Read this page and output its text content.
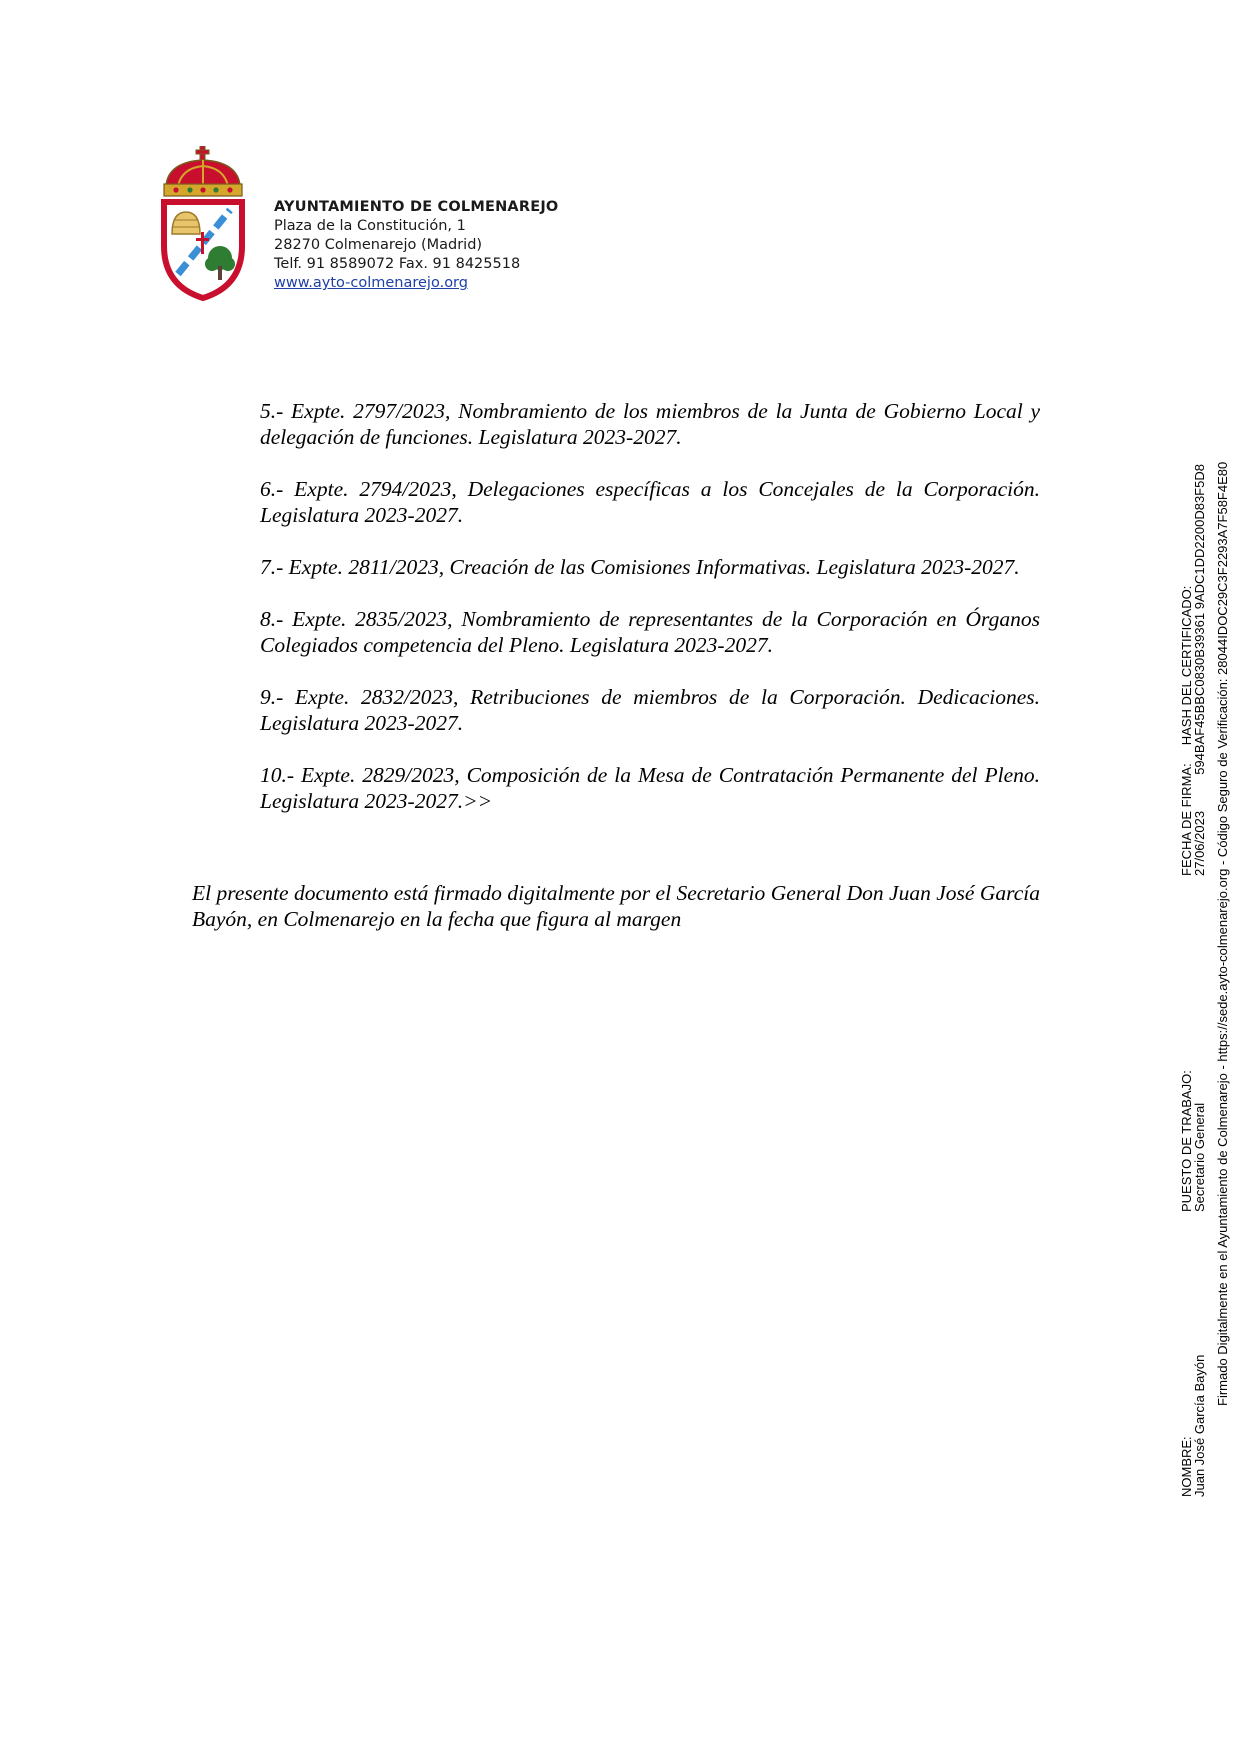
AYUNTAMIENTO DE COLMENAREJO
Plaza de la Constitución, 1
28270 Colmenarejo (Madrid)
Telf. 91 8589072 Fax. 91 8425518
www.ayto-colmenarejo.org
5.- Expte. 2797/2023, Nombramiento de los miembros de la Junta de Gobierno Local y delegación de funciones. Legislatura 2023-2027.
6.- Expte. 2794/2023, Delegaciones específicas a los Concejales de la Corporación. Legislatura 2023-2027.
7.- Expte. 2811/2023, Creación de las Comisiones Informativas. Legislatura 2023-2027.
8.- Expte. 2835/2023, Nombramiento de representantes de la Corporación en Órganos Colegiados competencia del Pleno. Legislatura 2023-2027.
9.- Expte. 2832/2023, Retribuciones de miembros de la Corporación. Dedicaciones. Legislatura 2023-2027.
10.- Expte. 2829/2023, Composición de la Mesa de Contratación Permanente del Pleno. Legislatura 2023-2027.>>

El presente documento está firmado digitalmente por el Secretario General Don Juan José García Bayón, en Colmenarejo en la fecha que figura al margen

NOMBRE:
Juan José García Bayón
PUESTO DE TRABAJO:
Secretario General
FECHA DE FIRMA:     HASH DEL CERTIFICADO:
27/06/2023          594BAF45BBC0830B39361 9ADC1DD2200D83F5D8 Firmado Digitalmente en el Ayuntamiento de Colmenarejo - https://sede.ayto-colmenarejo.org - Código Seguro de Verificación: 28044IDOC29C3F2293A7F58F4E80
